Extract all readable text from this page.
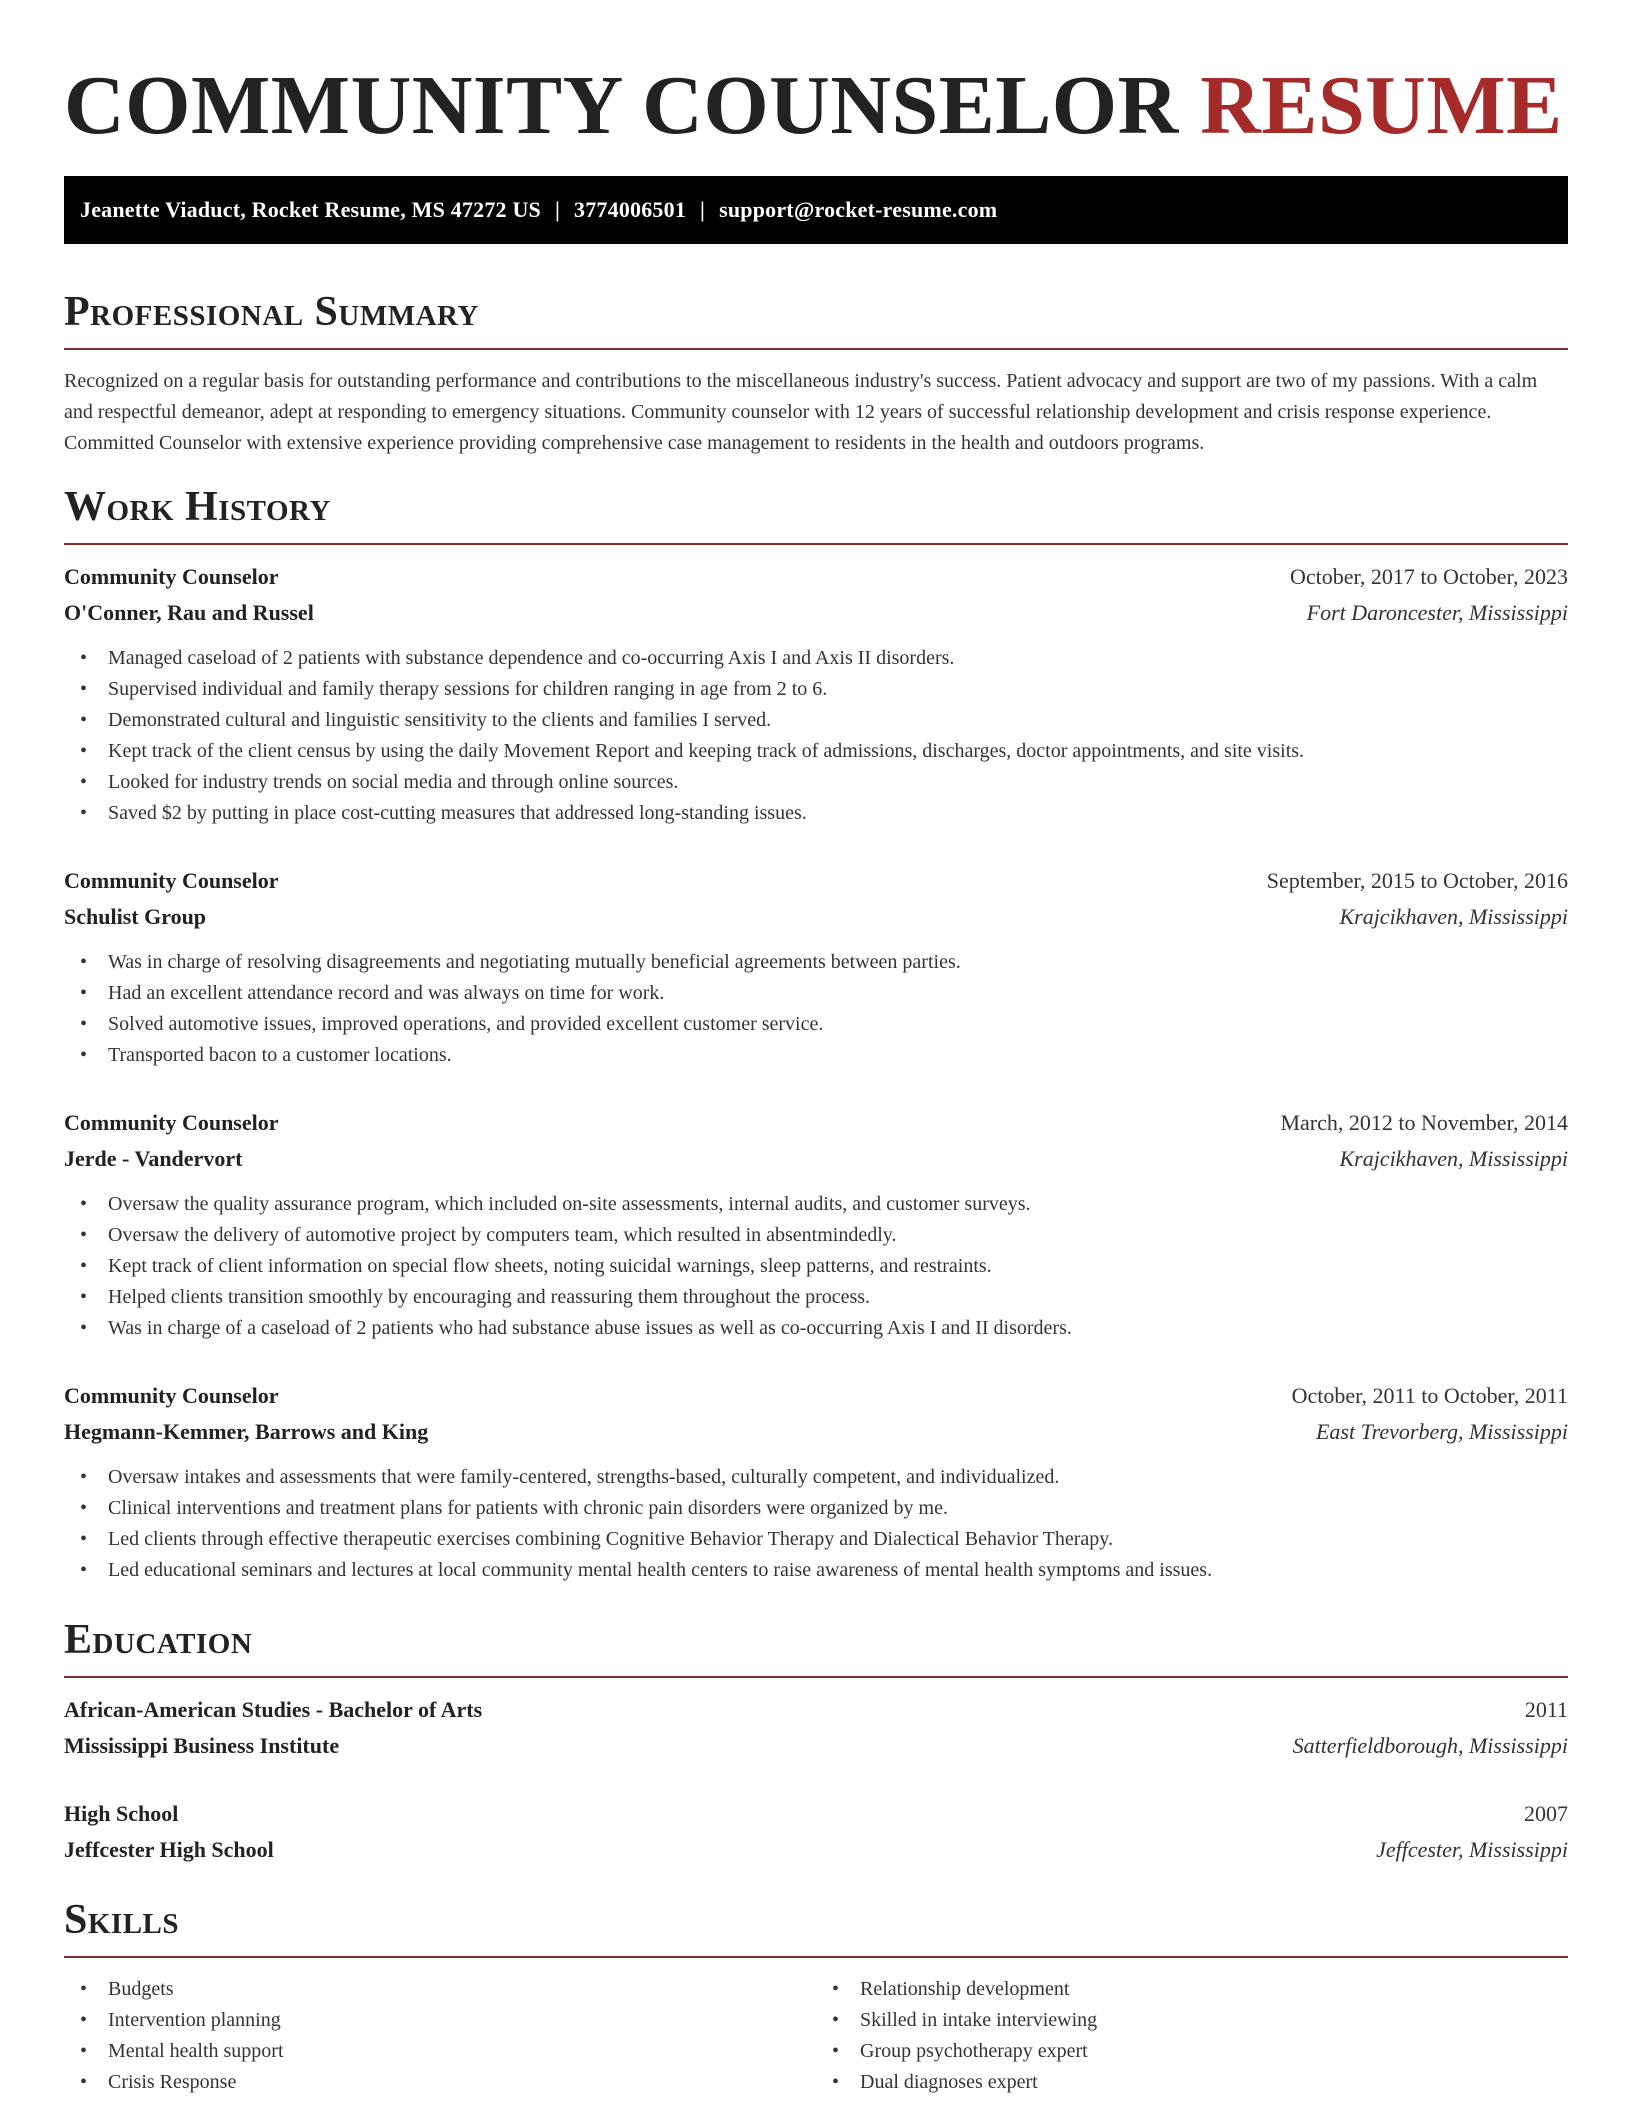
COMMUNITY COUNSELOR RESUME
Jeanette Viaduct, Rocket Resume, MS 47272 US | 3774006501 | support@rocket-resume.com
Professional Summary

Recognized on a regular basis for outstanding performance and contributions to the miscellaneous industry's success. Patient advocacy and support are two of my passions. With a calm and respectful demeanor, adept at responding to emergency situations. Community counselor with 12 years of successful relationship development and crisis response experience. Committed Counselor with extensive experience providing comprehensive case management to residents in the health and outdoors programs.

Work History
Community Counselor	October, 2017 to October, 2023
O'Conner, Rau and Russel	Fort Daroncester, Mississippi
• Managed caseload of 2 patients with substance dependence and co-occurring Axis I and Axis II disorders.
• Supervised individual and family therapy sessions for children ranging in age from 2 to 6.
• Demonstrated cultural and linguistic sensitivity to the clients and families I served.
• Kept track of the client census by using the daily Movement Report and keeping track of admissions, discharges, doctor appointments, and site visits.
• Looked for industry trends on social media and through online sources.
• Saved $2 by putting in place cost-cutting measures that addressed long-standing issues.
Community Counselor	September, 2015 to October, 2016
Schulist Group	Krajcikhaven, Mississippi
• Was in charge of resolving disagreements and negotiating mutually beneficial agreements between parties.
• Had an excellent attendance record and was always on time for work.
• Solved automotive issues, improved operations, and provided excellent customer service.
• Transported bacon to a customer locations.
Community Counselor	March, 2012 to November, 2014
Jerde - Vandervort	Krajcikhaven, Mississippi
• Oversaw the quality assurance program, which included on-site assessments, internal audits, and customer surveys.
• Oversaw the delivery of automotive project by computers team, which resulted in absentmindedly.
• Kept track of client information on special flow sheets, noting suicidal warnings, sleep patterns, and restraints.
• Helped clients transition smoothly by encouraging and reassuring them throughout the process.
• Was in charge of a caseload of 2 patients who had substance abuse issues as well as co-occurring Axis I and II disorders.
Community Counselor	October, 2011 to October, 2011
Hegmann-Kemmer, Barrows and King	East Trevorberg, Mississippi
• Oversaw intakes and assessments that were family-centered, strengths-based, culturally competent, and individualized.
• Clinical interventions and treatment plans for patients with chronic pain disorders were organized by me.
• Led clients through effective therapeutic exercises combining Cognitive Behavior Therapy and Dialectical Behavior Therapy.
• Led educational seminars and lectures at local community mental health centers to raise awareness of mental health symptoms and issues.
Education
African-American Studies - Bachelor of Arts	2011
Mississippi Business Institute	Satterfieldborough, Mississippi
High School	2007
Jeffcester High School	Jeffcester, Mississippi
Skills
• Budgets
• Intervention planning
• Mental health support
• Crisis Response
• Relationship development
• Skilled in intake interviewing
• Group psychotherapy expert
• Dual diagnoses expert
